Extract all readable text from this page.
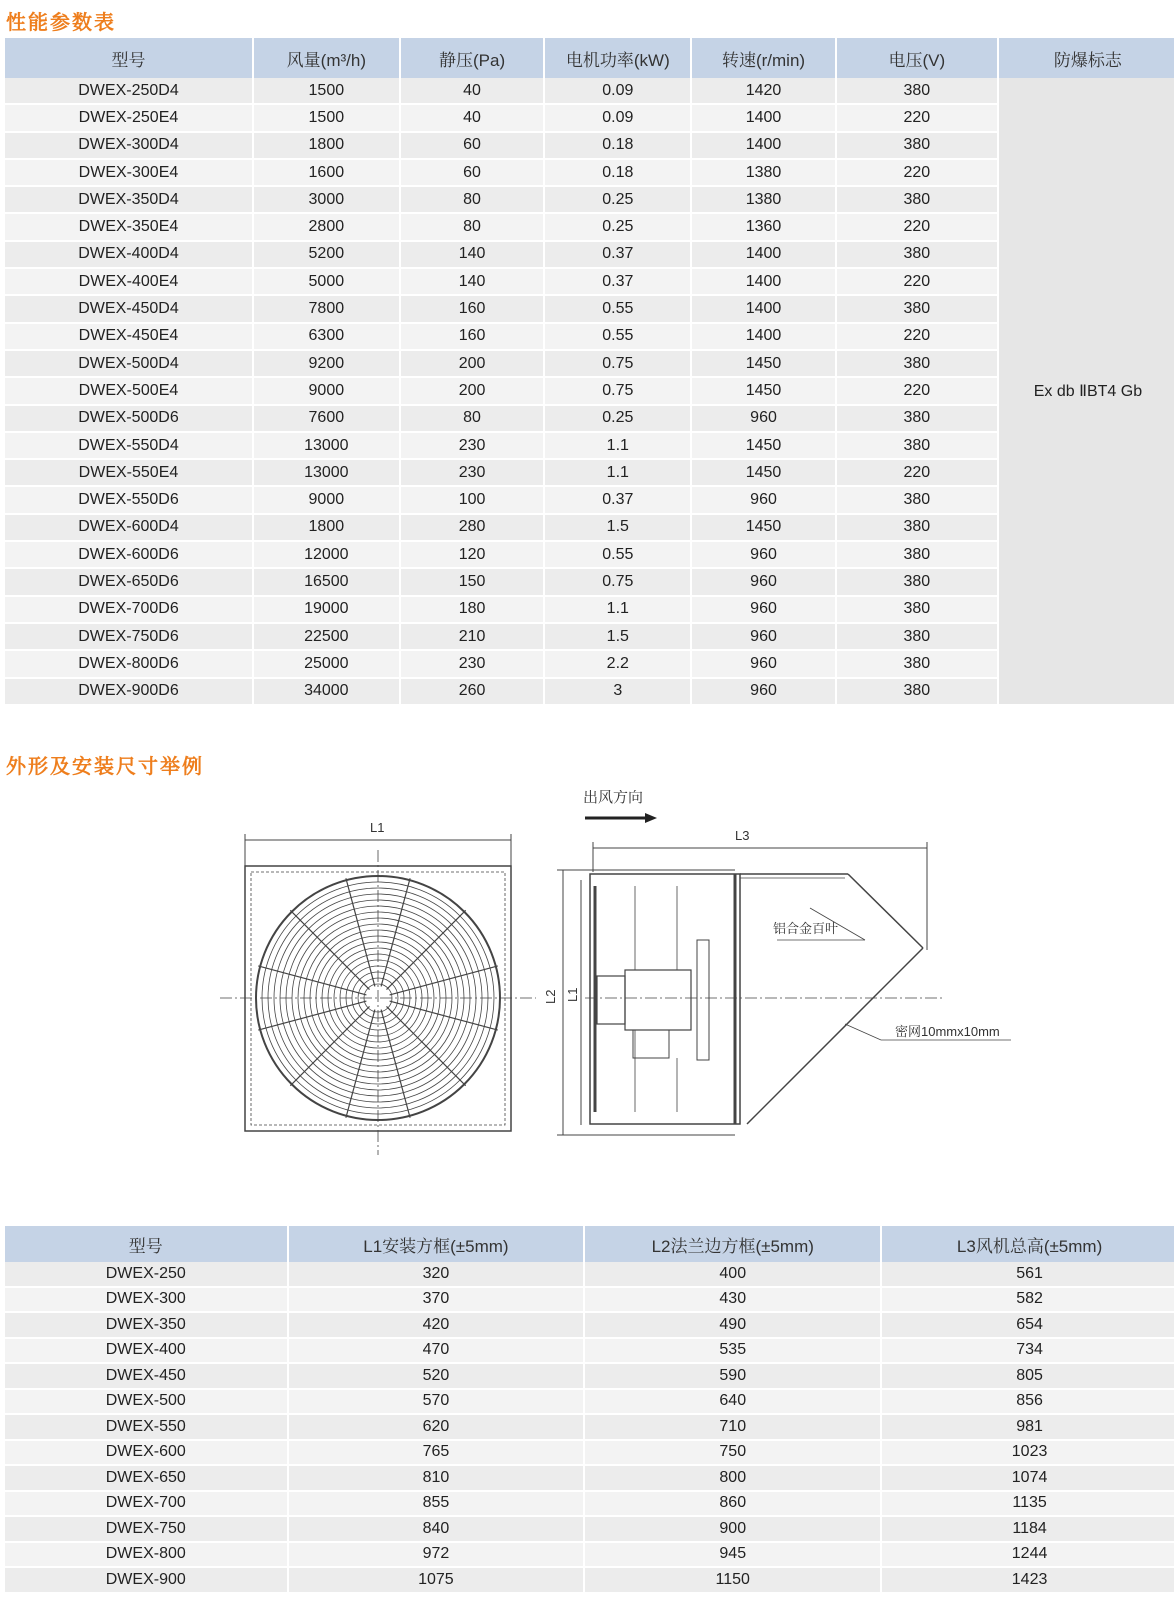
性能参数表
型号	风量(m³/h)	静压(Pa)	电机功率(kW)	转速(r/min)	电压(V)	防爆标志
DWEX-250D4	1500	40	0.09	1420	380	Ex db ⅡBT4 Gb
DWEX-250E4	1500	40	0.09	1400	220	
DWEX-300D4	1800	60	0.18	1400	380	
DWEX-300E4	1600	60	0.18	1380	220	
DWEX-350D4	3000	80	0.25	1380	380	
DWEX-350E4	2800	80	0.25	1360	220	
DWEX-400D4	5200	140	0.37	1400	380	
DWEX-400E4	5000	140	0.37	1400	220	
DWEX-450D4	7800	160	0.55	1400	380	
DWEX-450E4	6300	160	0.55	1400	220	
DWEX-500D4	9200	200	0.75	1450	380	
DWEX-500E4	9000	200	0.75	1450	220	
DWEX-500D6	7600	80	0.25	960	380	
DWEX-550D4	13000	230	1.1	1450	380	
DWEX-550E4	13000	230	1.1	1450	220	
DWEX-550D6	9000	100	0.37	960	380	
DWEX-600D4	1800	280	1.5	1450	380	
DWEX-600D6	12000	120	0.55	960	380	
DWEX-650D6	16500	150	0.75	960	380	
DWEX-700D6	19000	180	1.1	960	380	
DWEX-750D6	22500	210	1.5	960	380	
DWEX-800D6	25000	230	2.2	960	380	
DWEX-900D6	34000	260	3	960	380	
外形及安装尺寸举例
出风方向
L1
L3
L2 L1
铝合金百叶
密网10mmx10mm
型号	L1安装方框(±5mm)	L2法兰边方框(±5mm)	L3风机总高(±5mm)
DWEX-250	320	400	561
DWEX-300	370	430	582
DWEX-350	420	490	654
DWEX-400	470	535	734
DWEX-450	520	590	805
DWEX-500	570	640	856
DWEX-550	620	710	981
DWEX-600	765	750	1023
DWEX-650	810	800	1074
DWEX-700	855	860	1135
DWEX-750	840	900	1184
DWEX-800	972	945	1244
DWEX-900	1075	1150	1423
